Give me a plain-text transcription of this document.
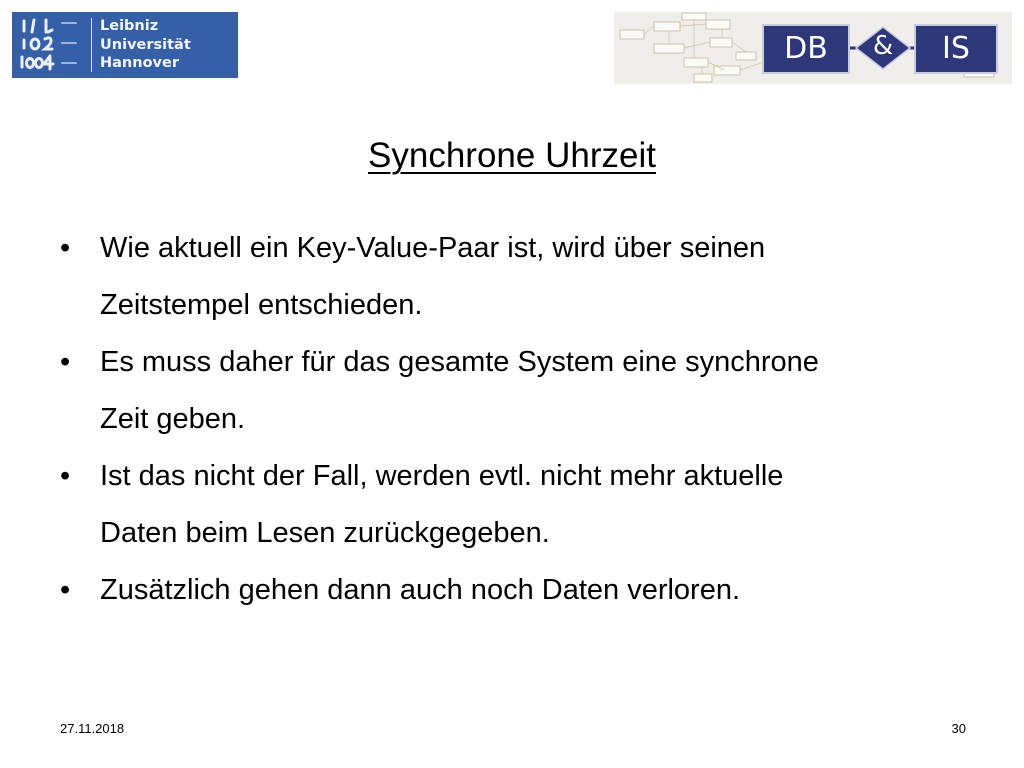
Leibniz
Universität
Hannover	DB	&	IS
Synchrone Uhrzeit
•	Wie aktuell ein Key-Value-Paar ist, wird über seinen
Zeitstempel entschieden.
•	Es muss daher für das gesamte System eine synchrone
Zeit geben.
•	Ist das nicht der Fall, werden evtl. nicht mehr aktuelle
Daten beim Lesen zurückgegeben.
•	Zusätzlich gehen dann auch noch Daten verloren.
27.11.2018	30
